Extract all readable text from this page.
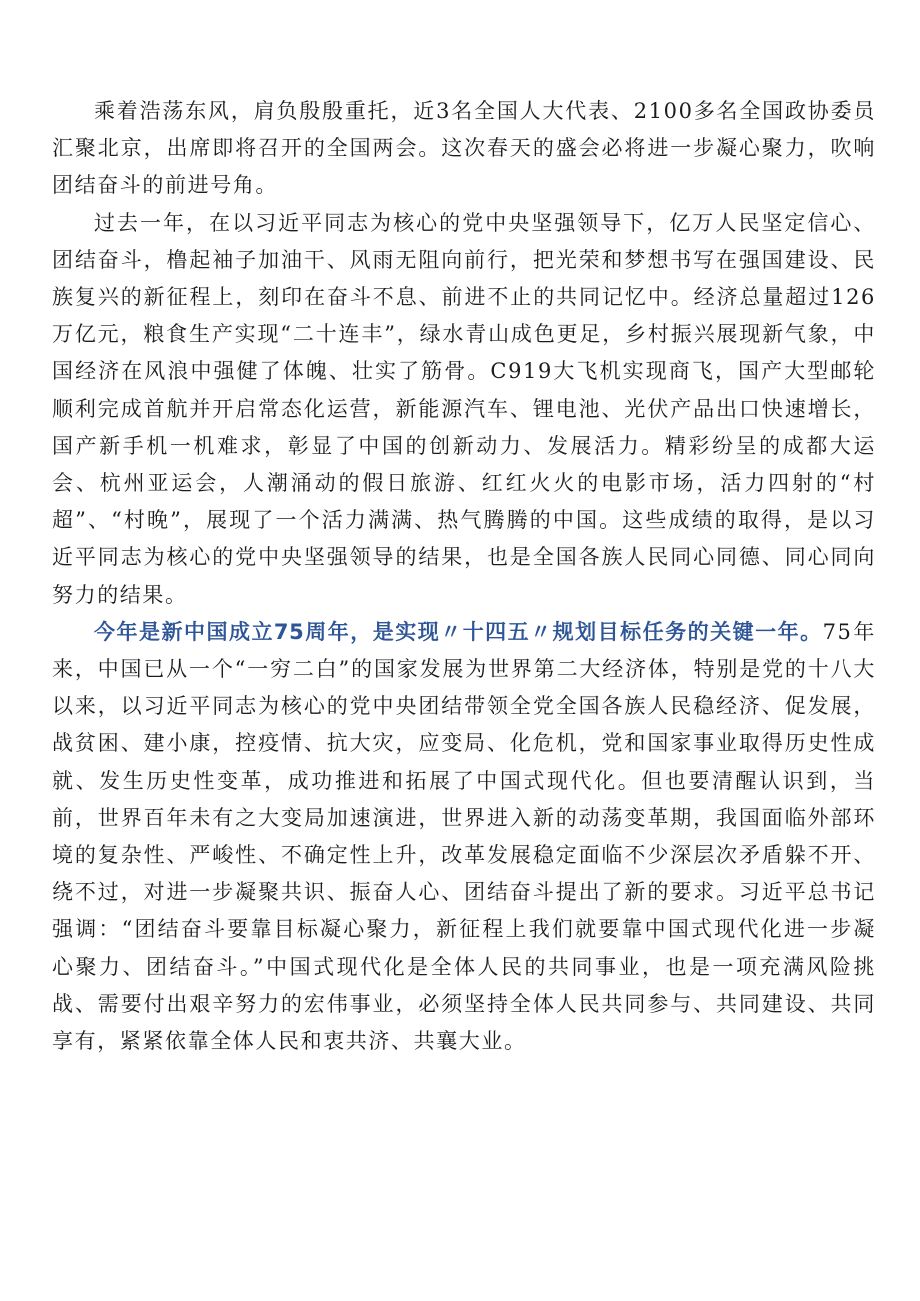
乘着浩荡东风，肩负殷殷重托，近3名全国人大代表、2100多名全国政协委员汇聚北京，出席即将召开的全国两会。这次春天的盛会必将进一步凝心聚力，吹响团结奋斗的前进号角。

过去一年，在以习近平同志为核心的党中央坚强领导下，亿万人民坚定信心、团结奋斗，橹起袖子加油干、风雨无阻向前行，把光荣和梦想书写在强国建设、民族复兴的新征程上，刻印在奋斗不息、前进不止的共同记忆中。经济总量超过126万亿元，粮食生产实现“二十连丰”，绿水青山成色更足，乡村振兴展现新气象，中国经济在风浪中强健了体魄、壮实了筋骨。C919大飞机实现商飞，国产大型邮轮顺利完成首航并开启常态化运营，新能源汽车、锂电池、光伏产品出口快速增长，国产新手机一机难求，彰显了中国的创新动力、发展活力。精彩纷呈的成都大运会、杭州亚运会，人潮涌动的假日旅游、红红火火的电影市场，活力四射的“村超”、“村晚”，展现了一个活力满满、热气腾腾的中国。这些成绩的取得，是以习近平同志为核心的党中央坚强领导的结果，也是全国各族人民同心同德、同心同向努力的结果。

今年是新中国成立75周年，是实现〃十四五〃规划目标任务的关键一年。75年来，中国已从一个“一穷二白”的国家发展为世界第二大经济体，特别是党的十八大以来，以习近平同志为核心的党中央团结带领全党全国各族人民稳经济、促发展，战贫困、建小康，控疫情、抗大灾，应变局、化危机，党和国家事业取得历史性成就、发生历史性变革，成功推进和拓展了中国式现代化。但也要清醒认识到，当前，世界百年未有之大变局加速演进，世界进入新的动荡变革期，我国面临外部环境的复杂性、严峻性、不确定性上升，改革发展稳定面临不少深层次矛盾躲不开、绕不过，对进一步凝聚共识、振奋人心、团结奋斗提出了新的要求。习近平总书记强调：“团结奋斗要靠目标凝心聚力，新征程上我们就要靠中国式现代化进一步凝心聚力、团结奋斗。”中国式现代化是全体人民的共同事业，也是一项充满风险挑战、需要付出艰辛努力的宏伟事业，必须坚持全体人民共同参与、共同建设、共同享有，紧紧依靠全体人民和衷共济、共襄大业。
